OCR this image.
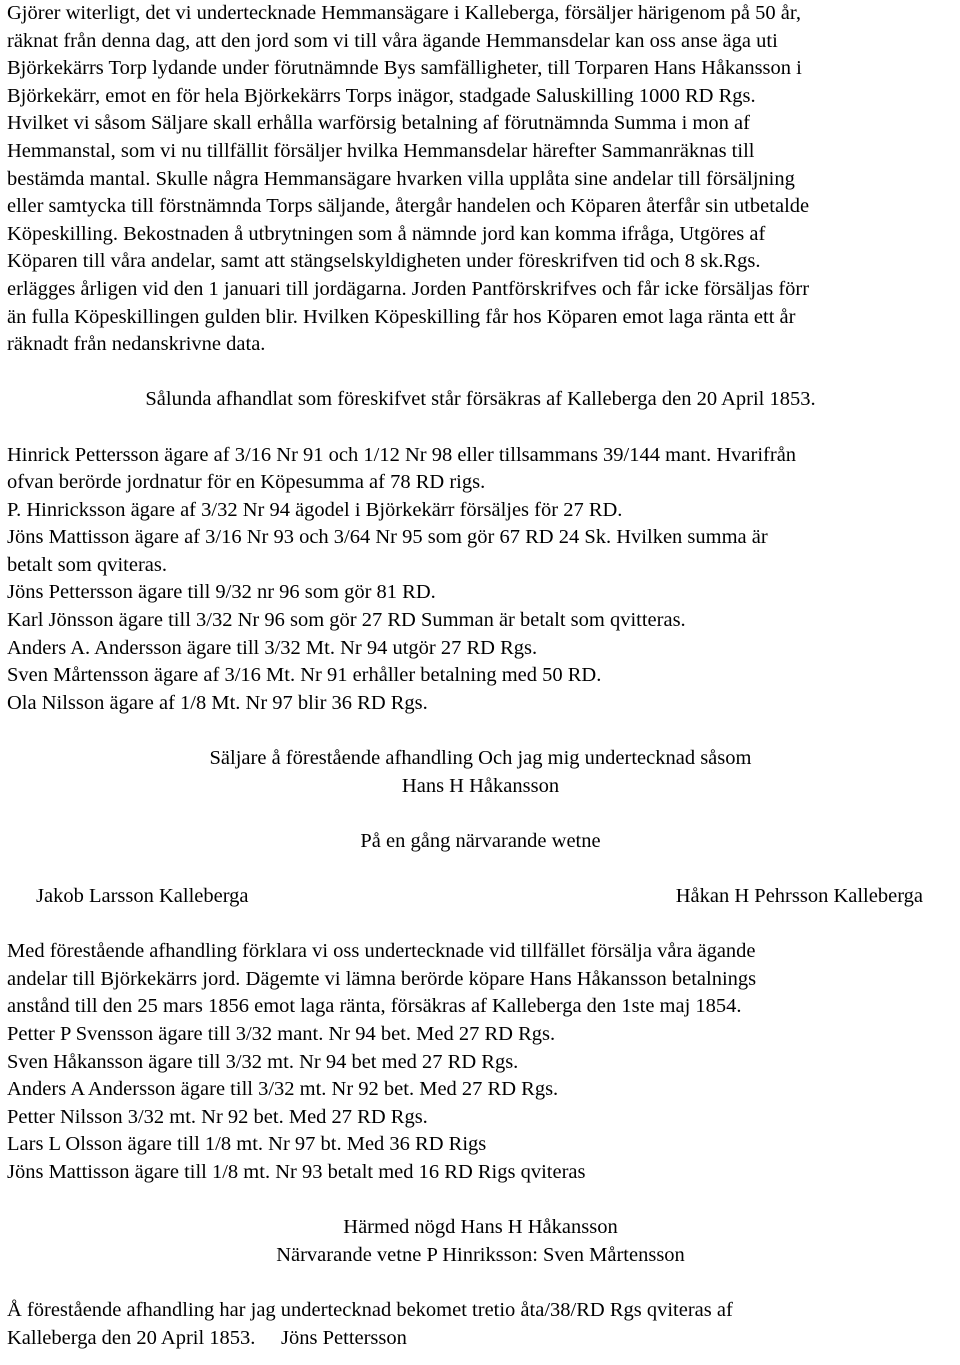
Gjörer witerligt, det vi undertecknade Hemmansägare i Kalleberga, försäljer härigenom på 50 år,
räknat från denna dag, att den jord som vi till våra ägande Hemmansdelar kan oss anse äga uti
Björkekärrs Torp lydande under förutnämnde Bys samfälligheter, till Torparen Hans Håkansson i
Björkekärr, emot en för hela Björkekärrs Torps inägor, stadgade Saluskilling 1000 RD Rgs.
Hvilket vi såsom Säljare skall erhålla warförsig betalning af förutnämnda Summa i mon af
Hemmanstal, som vi nu tillfällit försäljer hvilka Hemmansdelar härefter Sammanräknas till
bestämda mantal. Skulle några Hemmansägare hvarken villa upplåta sine andelar till försäljning
eller samtycka till förstnämnda Torps säljande, återgår handelen och Köparen återfår sin utbetalde
Köpeskilling. Bekostnaden å utbrytningen som å nämnde jord kan komma ifråga, Utgöres af
Köparen till våra andelar, samt att stängselskyldigheten under föreskrifven tid och 8 sk.Rgs.
erlägges årligen vid den 1 januari till jordägarna. Jorden Pantförskrifves och får icke försäljas förr
än fulla Köpeskillingen gulden blir. Hvilken Köpeskilling får hos Köparen emot laga ränta ett år
räknadt från nedanskrivne data.

Sålunda afhandlat som föreskifvet står försäkras af Kalleberga den 20 April 1853.

Hinrick Pettersson ägare af 3/16 Nr 91 och 1/12 Nr 98 eller tillsammans 39/144 mant. Hvarifrån
ofvan berörde jordnatur för en Köpesumma af 78 RD rigs.
P. Hinricksson ägare af 3/32 Nr 94 ägodel i Björkekärr försäljes för 27 RD.
Jöns Mattisson ägare af 3/16 Nr 93 och 3/64 Nr 95 som gör 67 RD 24 Sk. Hvilken summa är
betalt som qviteras.
Jöns Pettersson ägare till 9/32 nr 96 som gör 81 RD.
Karl Jönsson ägare till 3/32 Nr 96 som gör 27 RD Summan är betalt som qvitteras.
Anders A. Andersson ägare till 3/32 Mt. Nr 94 utgör 27 RD Rgs.
Sven Mårtensson ägare af 3/16 Mt. Nr 91 erhåller betalning med 50 RD.
Ola Nilsson ägare af 1/8 Mt. Nr 97 blir 36 RD Rgs.

Säljare å förestående afhandling Och jag mig undertecknad såsom
Hans H Håkansson

På en gång närvarande wetne

Jakob Larsson Kalleberga	Håkan H Pehrsson Kalleberga

Med förestående afhandling förklara vi oss undertecknade vid tillfället försälja våra ägande
andelar till Björkekärrs jord. Dägemte vi lämna berörde köpare Hans Håkansson betalnings
anstånd till den 25 mars 1856 emot laga ränta, försäkras af Kalleberga den 1ste maj 1854.
Petter P Svensson ägare till 3/32 mant. Nr 94 bet. Med 27 RD Rgs.
Sven Håkansson ägare till 3/32 mt. Nr 94 bet med 27 RD Rgs.
Anders A Andersson ägare till 3/32 mt. Nr 92 bet. Med 27 RD Rgs.
Petter Nilsson 3/32 mt. Nr 92 bet. Med 27 RD Rgs.
Lars L Olsson ägare till 1/8 mt. Nr 97 bt. Med 36 RD Rigs
Jöns Mattisson ägare till 1/8 mt. Nr 93 betalt med 16 RD Rigs qviteras

Härmed nögd Hans H Håkansson
Närvarande vetne P Hinriksson: Sven Mårtensson

Å förestående afhandling har jag undertecknad bekomet tretio åta/38/RD Rgs qviteras af
Kalleberga den 20 April 1853.     Jöns Pettersson
